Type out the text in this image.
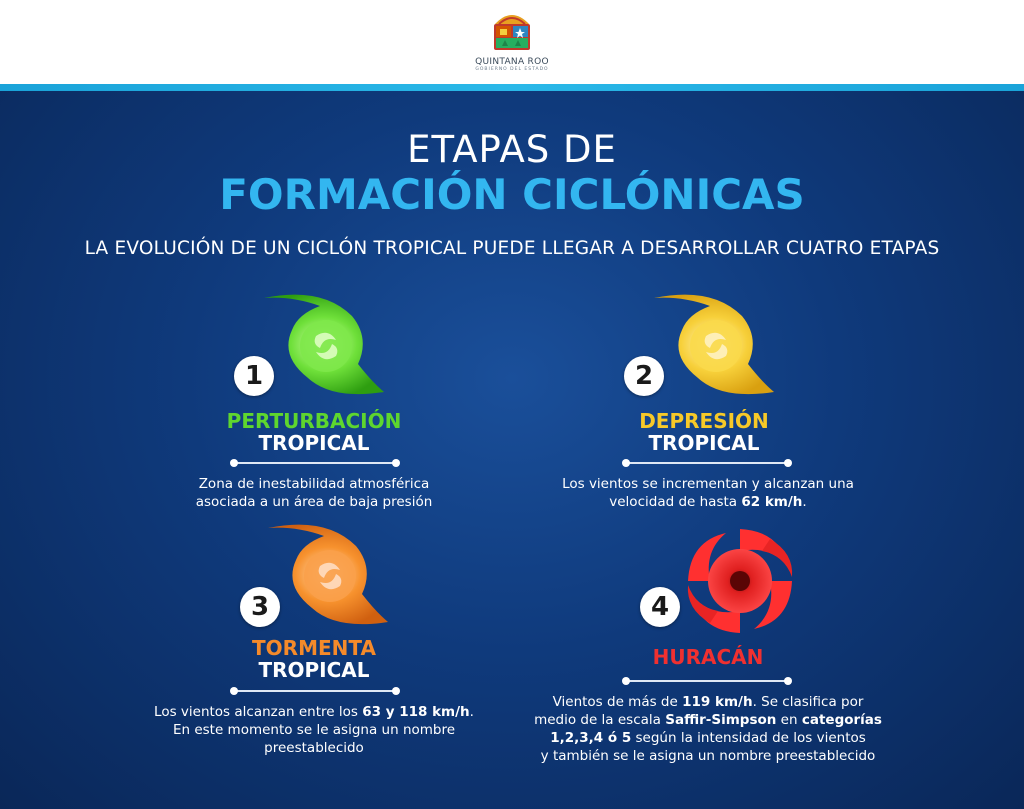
QUINTANA ROO
GOBIERNO DEL ESTADO
ETAPAS DE
FORMACIÓN CICLÓNICAS
LA EVOLUCIÓN DE UN CICLÓN TROPICAL PUEDE LLEGAR A DESARROLLAR CUATRO ETAPAS
1
PERTURBACIÓN
TROPICAL
Zona de inestabilidad atmosférica
asociada a un área de baja presión
2
DEPRESIÓN
TROPICAL
Los vientos se incrementan y alcanzan una
velocidad de hasta 62 km/h.
3
TORMENTA
TROPICAL
Los vientos alcanzan entre los 63 y 118 km/h.
En este momento se le asigna un nombre
preestablecido
4
HURACÁN
Vientos de más de 119 km/h. Se clasifica por
medio de la escala Saffir-Simpson en categorías
1,2,3,4 ó 5 según la intensidad de los vientos
y también se le asigna un nombre preestablecido
